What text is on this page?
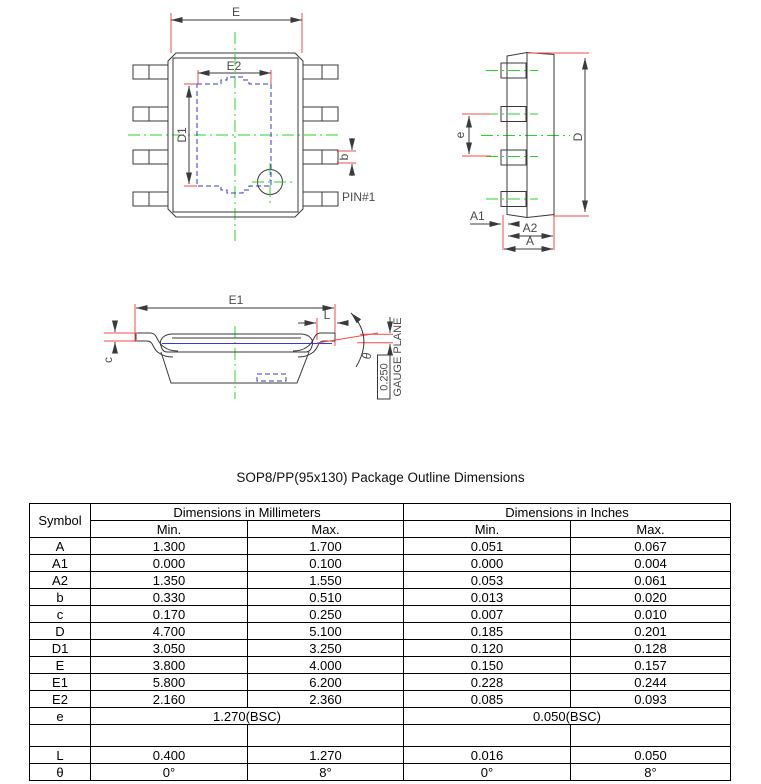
E
E2
D1
b
PIN#1
e	D
A1
A2
A
E1
L
c
θ
0.250 GAUGE PLANE
SOP8/PP(95x130) Package Outline Dimensions
Symbol	Dimensions in Millimeters		Dimensions in Inches	
	Min.	Max.	Min.	Max.
A	1.300	1.700	0.051	0.067
A1	0.000	0.100	0.000	0.004
A2	1.350	1.550	0.053	0.061
b	0.330	0.510	0.013	0.020
c	0.170	0.250	0.007	0.010
D	4.700	5.100	0.185	0.201
D1	3.050	3.250	0.120	0.128
E	3.800	4.000	0.150	0.157
E1	5.800	6.200	0.228	0.244
E2	2.160	2.360	0.085	0.093
e	1.270(BSC)		0.050(BSC)	

L	0.400	1.270	0.016	0.050
θ	0°	8°	0°	8°
